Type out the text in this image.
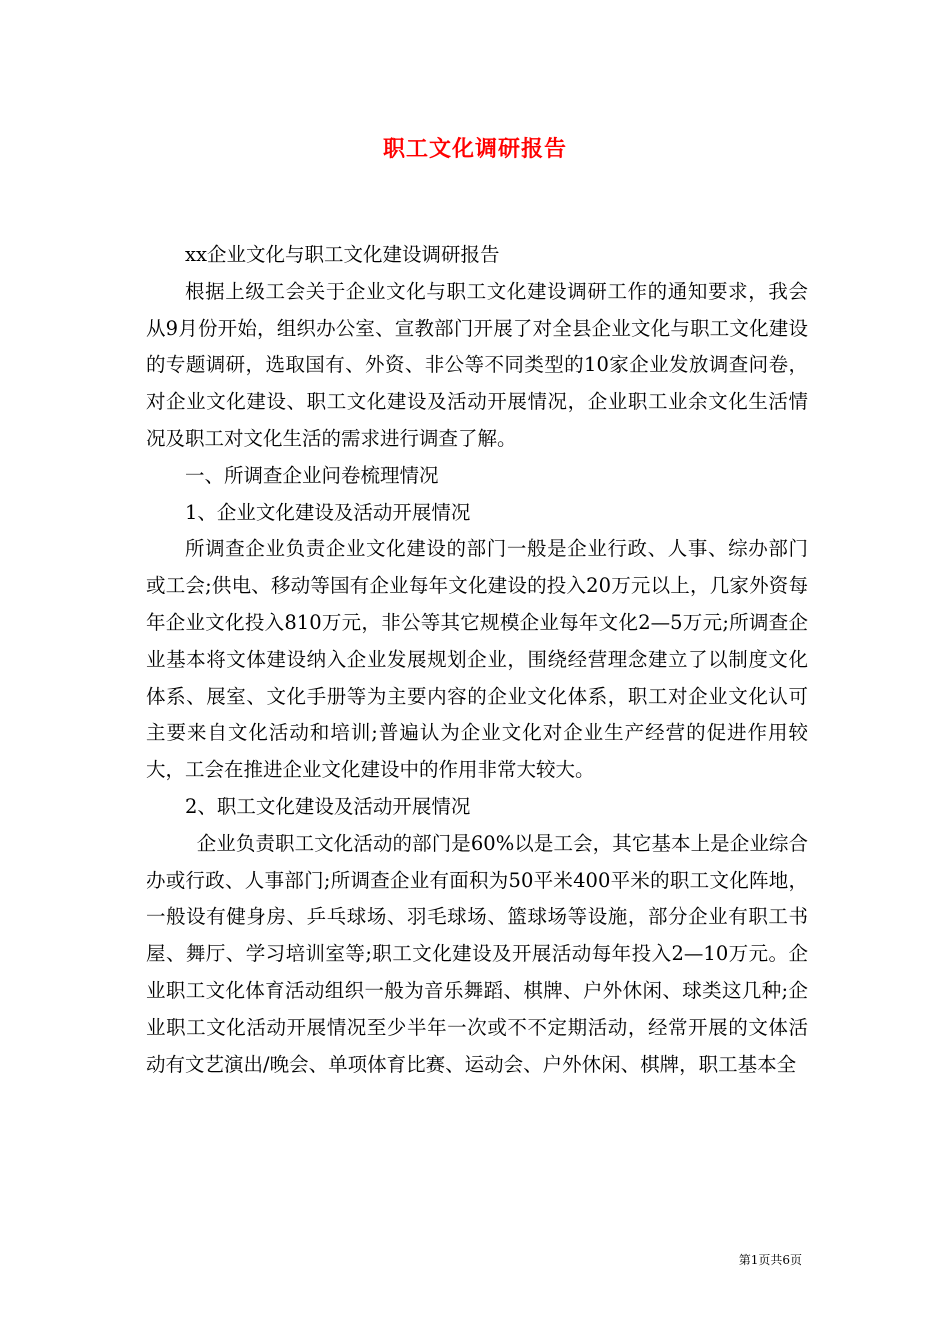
职工文化调研报告

xx企业文化与职工文化建设调研报告

根据上级工会关于企业文化与职工文化建设调研工作的通知要求，我会从9月份开始，组织办公室、宣教部门开展了对全县企业文化与职工文化建设的专题调研，选取国有、外资、非公等不同类型的10家企业发放调查问卷，对企业文化建设、职工文化建设及活动开展情况，企业职工业余文化生活情况及职工对文化生活的需求进行调查了解。

一、所调查企业问卷梳理情况

1、企业文化建设及活动开展情况

所调查企业负责企业文化建设的部门一般是企业行政、人事、综办部门或工会;供电、移动等国有企业每年文化建设的投入20万元以上，几家外资每年企业文化投入810万元，非公等其它规模企业每年文化2—5万元;所调查企业基本将文体建设纳入企业发展规划企业，围绕经营理念建立了以制度文化体系、展室、文化手册等为主要内容的企业文化体系，职工对企业文化认可主要来自文化活动和培训;普遍认为企业文化对企业生产经营的促进作用较大，工会在推进企业文化建设中的作用非常大较大。

2、职工文化建设及活动开展情况

企业负责职工文化活动的部门是60%以是工会，其它基本上是企业综合办或行政、人事部门;所调查企业有面积为50平米400平米的职工文化阵地，一般设有健身房、乒乓球场、羽毛球场、篮球场等设施，部分企业有职工书屋、舞厅、学习培训室等;职工文化建设及开展活动每年投入2—10万元。企业职工文化体育活动组织一般为音乐舞蹈、棋牌、户外休闲、球类这几种;企业职工文化活动开展情况至少半年一次或不不定期活动，经常开展的文体活动有文艺演出/晚会、单项体育比赛、运动会、户外休闲、棋牌，职工基本全

第1页共6页
